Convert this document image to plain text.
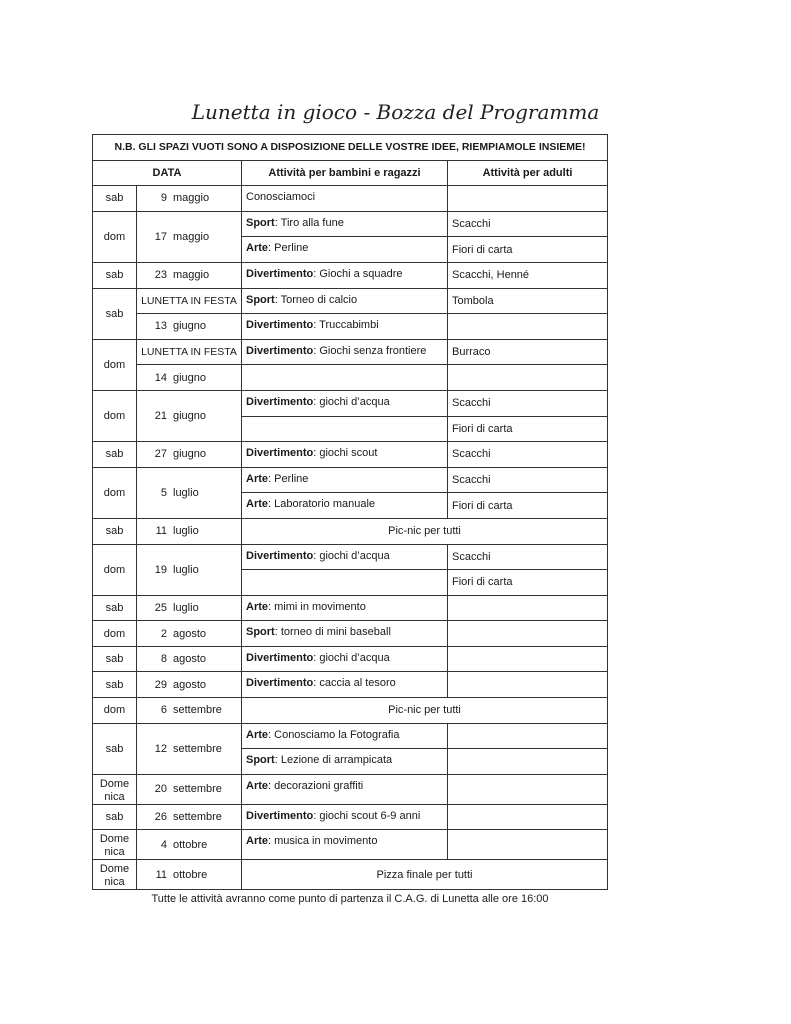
Lunetta in gioco - Bozza del Programma
N.B. GLI SPAZI VUOTI SONO A DISPOSIZIONE DELLE VOSTRE IDEE, RIEMPIAMOLE INSIEME!			
DATA		Attività per bambini e ragazzi	Attività per adulti
sab	9 maggio	Conosciamoci	
dom	17 maggio	Sport: Tiro alla fune	Scacchi
		Arte: Perline	Fiori di carta
sab	23 maggio	Divertimento: Giochi a squadre	Scacchi, Henné
sab	LUNETTA IN FESTA	Sport: Torneo di calcio	Tombola
	13 giugno	Divertimento: Truccabimbi	
dom	LUNETTA IN FESTA	Divertimento: Giochi senza frontiere	Burraco
	14 giugno		
dom	21 giugno	Divertimento: giochi d’acqua	Scacchi
			Fiori di carta
sab	27 giugno	Divertimento: giochi scout	Scacchi
dom	5 luglio	Arte: Perline	Scacchi
		Arte: Laboratorio manuale	Fiori di carta
sab	11 luglio	Pic-nic per tutti	
dom	19 luglio	Divertimento: giochi d’acqua	Scacchi
			Fiori di carta
sab	25 luglio	Arte: mimi in movimento	
dom	2 agosto	Sport: torneo di mini baseball	
sab	8 agosto	Divertimento: giochi d’acqua	
sab	29 agosto	Divertimento: caccia al tesoro	
dom	6 settembre	Pic-nic per tutti	
sab	12 settembre	Arte: Conosciamo la Fotografia	
		Sport: Lezione di arrampicata	
Domenica	20 settembre	Arte: decorazioni graffiti	
sab	26 settembre	Divertimento: giochi scout 6-9 anni	
Domenica	4 ottobre	Arte: musica in movimento	
Domenica	11 ottobre	Pizza finale per tutti	
Tutte le attività avranno come punto di partenza il C.A.G. di Lunetta alle ore 16:00
